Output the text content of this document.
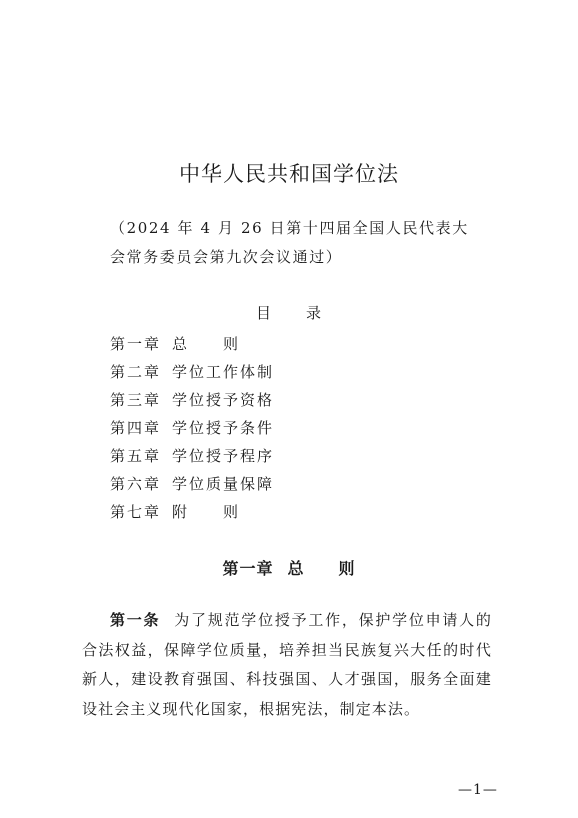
中华人民共和国学位法
（2024 年 4 月 26 日第十四届全国人民代表大会常务委员会第九次会议通过）
目 录
第一章 总　　则
第二章 学位工作体制
第三章 学位授予资格
第四章 学位授予条件
第五章 学位授予程序
第六章 学位质量保障
第七章 附　　则
第一章 总　　则

第一条 为了规范学位授予工作，保护学位申请人的合法权益，保障学位质量，培养担当民族复兴大任的时代新人，建设教育强国、科技强国、人才强国，服务全面建设社会主义现代化国家，根据宪法，制定本法。

—1—
